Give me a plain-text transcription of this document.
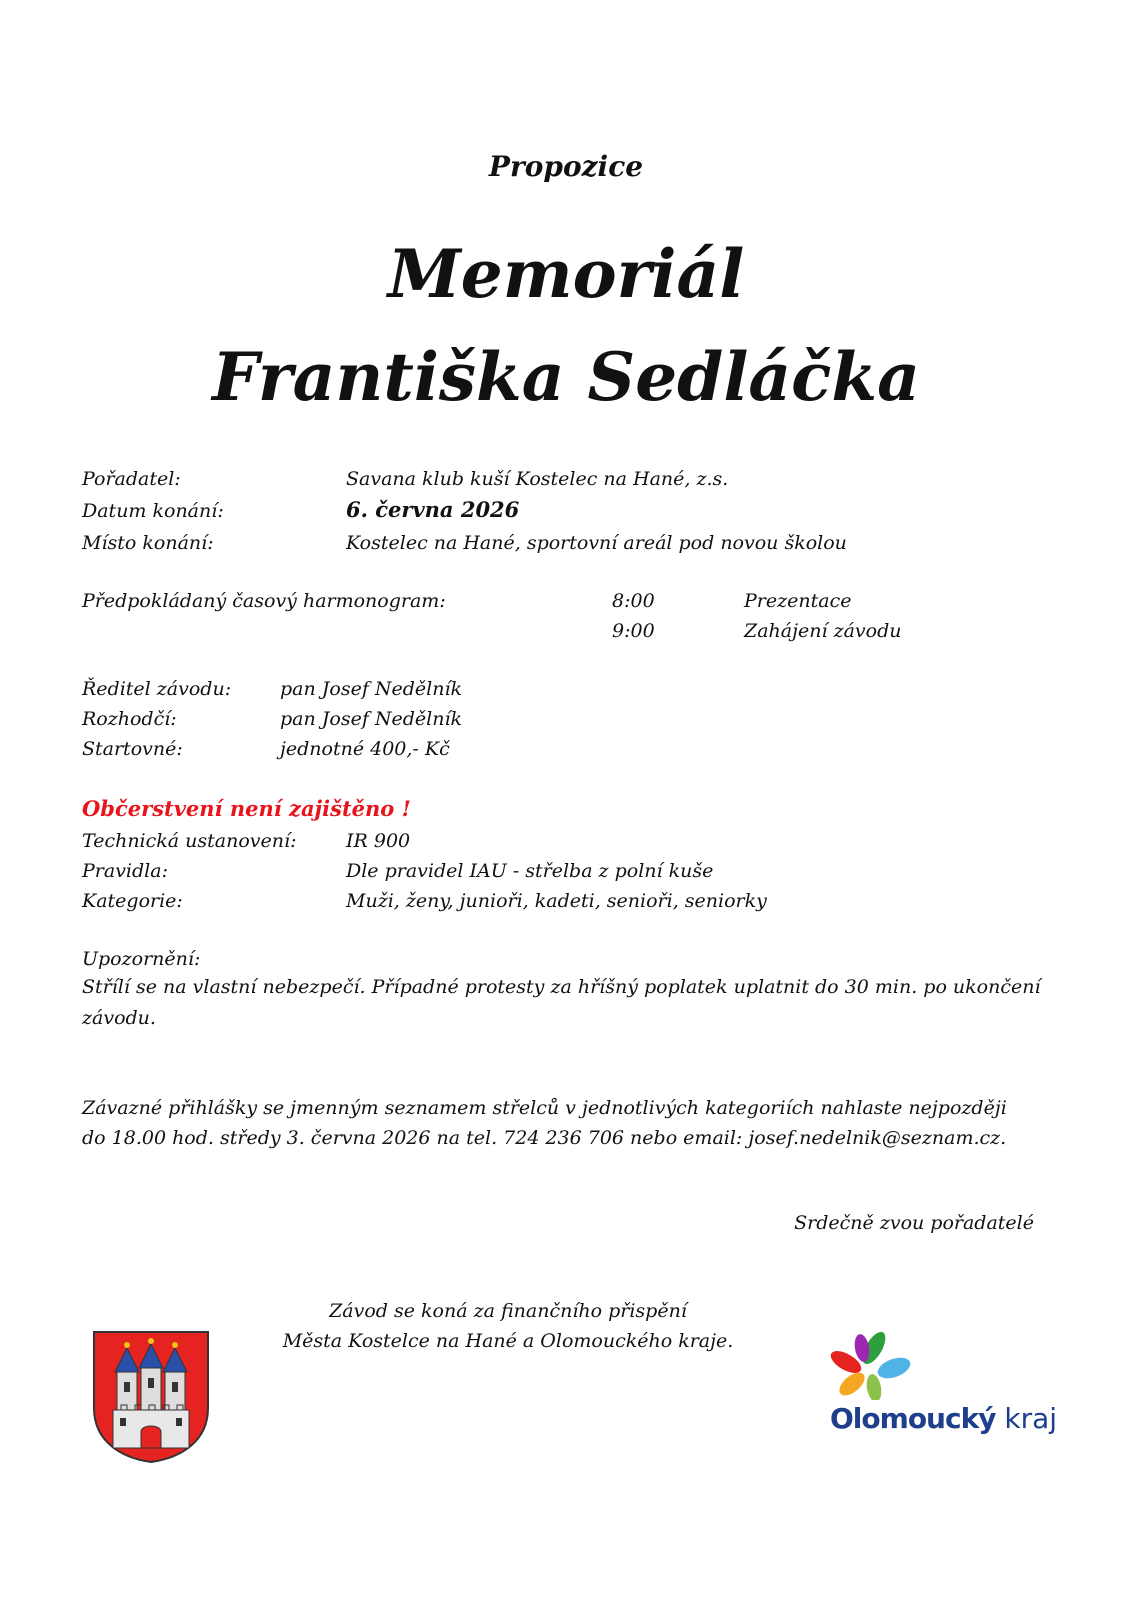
Propozice
Memoriál
Františka Sedláčka
Pořadatel:	Savana klub kuší Kostelec na Hané, z.s.
Datum konání:	6. června 2026
Místo konání:	Kostelec na Hané, sportovní areál pod novou školou
Předpokládaný časový harmonogram:	8:00	Prezentace
9:00	Zahájení závodu
Ředitel závodu:	pan Josef Nedělník
Rozhodčí:	pan Josef Nedělník
Startovné:	jednotné 400,- Kč
Občerstvení není zajištěno !
Technická ustanovení:	IR 900
Pravidla:	Dle pravidel IAU - střelba z polní kuše
Kategorie:	Muži, ženy, junioři, kadeti, senioři, seniorky
Upozornění:
Střílí se na vlastní nebezpečí. Případné protesty za hříšný poplatek uplatnit do 30 min. po ukončení závodu.
Závazné přihlášky se jmenným seznamem střelců v jednotlivých kategoriích nahlaste nejpozději
do 18.00 hod. středy 3. června 2026 na tel. 724 236 706 nebo email: josef.nedelnik@seznam.cz.
Srdečně zvou pořadatelé
Závod se koná za finančního přispění
Města Kostelce na Hané a Olomouckého kraje.
Olomoucký kraj
